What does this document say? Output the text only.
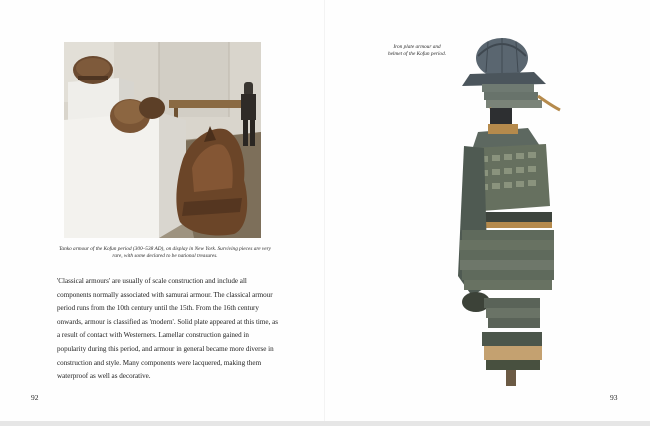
Tanko armour of the Kofun period (300–538 AD), on display in New York. Surviving pieces are very rare, with some declared to be national treasures.

'Classical armours' are usually of scale construction and include all components normally associated with samurai armour. The classical armour period runs from the 10th century until the 15th. From the 16th century onwards, armour is classified as 'modern'. Solid plate appeared at this time, as a result of contact with Westerners. Lamellar construction gained in popularity during this period, and armour in general became more diverse in construction and style. Many components were lacquered, making them waterproof as well as decorative.

92	93

Iron plate armour and helmet of the Kofun period.
